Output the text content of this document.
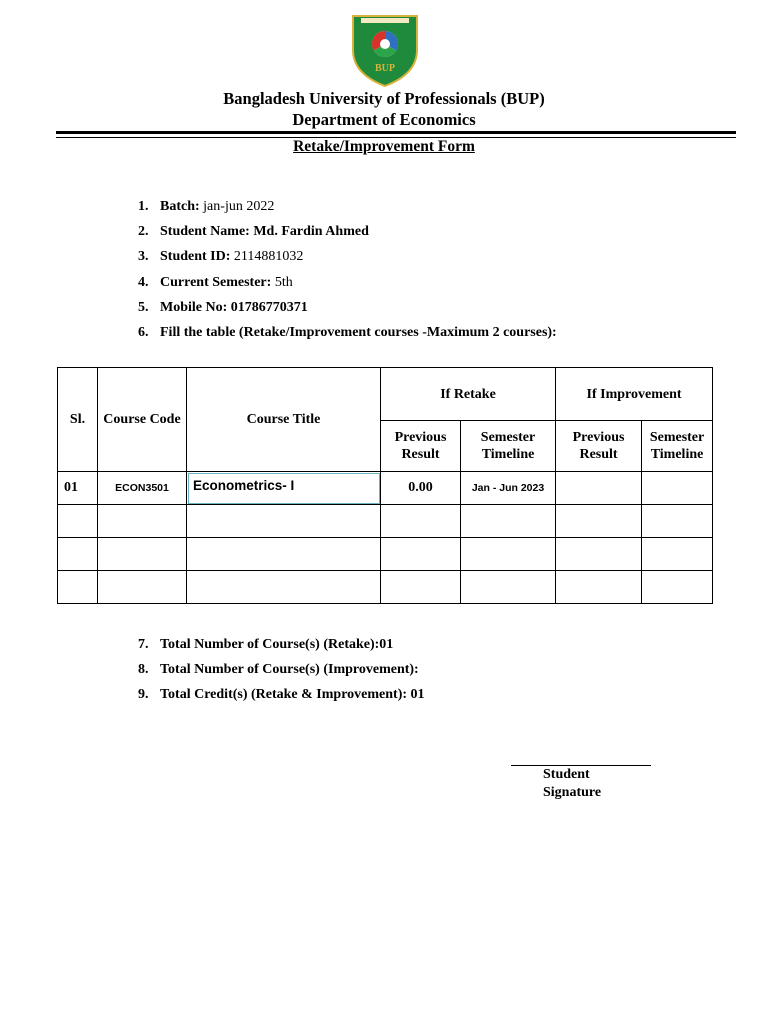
BUP
Bangladesh University of Professionals (BUP)
Department of Economics
Retake/Improvement Form
1. Batch: jan-jun 2022
2. Student Name: Md. Fardin Ahmed
3. Student ID: 2114881032
4. Current Semester: 5th
5. Mobile No: 01786770371
6. Fill the table (Retake/Improvement courses -Maximum 2 courses):
Sl.	Course Code	Course Title	If Retake		If Improvement	
			Previous Result	Semester Timeline	Previous Result	Semester Timeline
01	ECON3501	Econometrics- I	0.00	Jan - Jun 2023		

7. Total Number of Course(s) (Retake):01
8. Total Number of Course(s) (Improvement):
9. Total Credit(s) (Retake & Improvement): 01
Student
Signature
